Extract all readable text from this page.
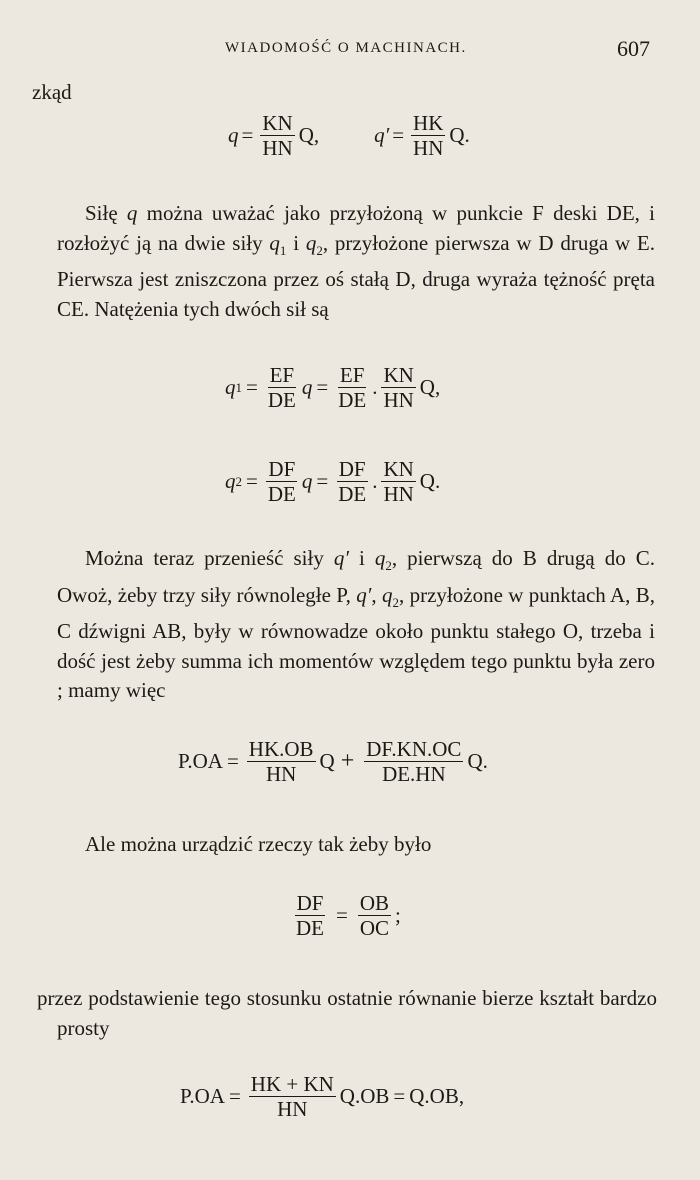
WIADOMOŚĆ O MACHINACH.	607
zkąd
$q = \frac{KN}{HN} Q$,	$q' = \frac{HK}{HN} Q$.
Siłę q można uważać jako przyłożoną w punkcie F deski DE, i rozłożyć ją na dwie siły $q_1$ i $q_2$, przyłożone pierwsza w D druga w E. Pierwsza jest zniszczona przez oś stałą D, druga wyraża tężność pręta CE. Natężenia tych dwóch sił są
q $1 = \frac{EF}{DE}$ $q = \frac{EF}{DE}$ . $\frac{KN}{HN} Q$,
q $2 = \frac{DF}{DE}$ $q = \frac{DF}{DE}$ . $\frac{KN}{HN} Q$.
Można teraz przenieść siły q′ i $q_2$, pierwszą do B drugą do C. Owoż, żeby trzy siły równoległe P, q′, $q_2$, przyłożone w punktach A, B, C dźwigni AB, były w równowadze około punktu stałego O, trzeba i dość jest żeby summa ich momentów względem tego punktu była zero ; mamy więc
$P.OA = \frac{HK.OB}{HN}$ $Q + \frac{DF.KN.OC}{DE.HN} Q$.
Ale można urządzić rzeczy tak żeby było
$\frac{DF}{DE} = \frac{OB}{OC}$ ;
przez podstawienie tego stosunku ostatnie równanie bierze kształt bardzo prosty
$P.OA = \frac{HK + KN}{HN} Q.OB = Q.OB$,
